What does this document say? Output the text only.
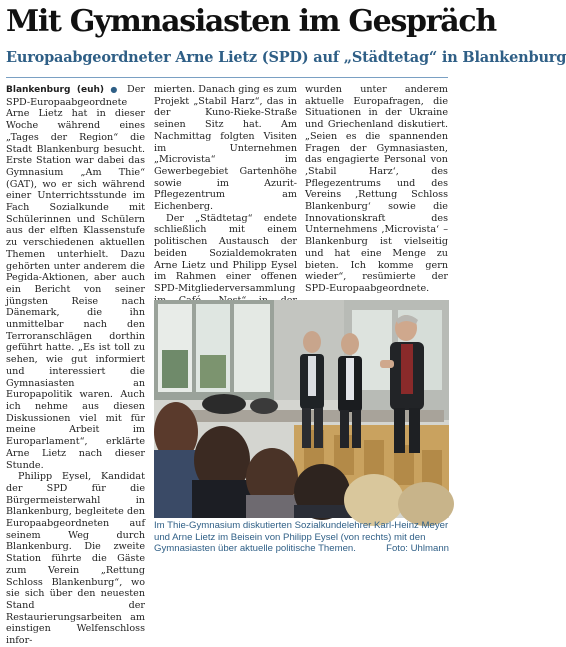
Mit Gymnasiasten im Gespräch
Europaabgeordneter Arne Lietz (SPD) auf „Städtetag“ in Blankenburg

Blankenburg (euh) ● Der SPD-Europaabgeordnete Arne Lietz hat in dieser Woche während eines „Tages der Region“ die Stadt Blankenburg besucht. Erste Station war dabei das Gymnasium „Am Thie“ (GAT), wo er sich während einer Unterrichtsstunde im Fach Sozialkunde mit Schülerinnen und Schülern aus der elften Klassenstufe zu verschiedenen aktuellen Themen unterhielt. Dazu gehörten unter anderem die Pegida-Aktionen, aber auch ein Bericht von seiner jüngsten Reise nach Dänemark, die ihn unmittelbar nach den Terroranschlägen dorthin geführt hatte. „Es ist toll zu sehen, wie gut informiert und interessiert die Gymnasiasten an Europapolitik waren. Auch ich nehme aus diesen Diskussionen viel mit für meine Arbeit im Europarlament“, erklärte Arne Lietz nach dieser Stunde.

Philipp Eysel, Kandidat der SPD für die Bürgermeisterwahl in Blankenburg, begleitete den Europaabgeordneten auf seinem Weg durch Blankenburg. Die zweite Station führte die Gäste zum Verein „Rettung Schloss Blankenburg“, wo sie sich über den neuesten Stand der Restaurierungsarbeiten am einstigen Welfenschloss infor-

mierten. Danach ging es zum Projekt „Stabil Harz“, das in der Kuno-Rieke-Straße seinen Sitz hat. Am Nachmittag folgten Visiten im Unternehmen „Microvista“ im Gewerbegebiet Gartenhöhe sowie im Azurit-Pflegezentrum am Eichenberg.

Der „Städtetag“ endete schließlich mit einem politischen Austausch der beiden Sozialdemokraten Arne Lietz und Philipp Eysel im Rahmen einer offenen SPD-Mitgliederversammlung

wurden unter anderem aktuelle Europafragen, die Situationen in der Ukraine und Griechenland diskutiert. „Seien es die spannenden Fragen der Gymnasiasten, das engagierte Personal von ‚Stabil Harz‘, des Pflegezentrums und des Vereins ‚Rettung Schloss Blankenburg‘ sowie die Innovationskraft des Unternehmens ‚Microvista‘ – Blankenburg ist vielseitig und hat eine Menge zu bieten. Ich komme gern wieder“, resümierte der SPD-Europaabgeordnete.

Im Thie-Gymnasium diskutierten Sozialkundelehrer Karl-Heinz Meyer und Arne Lietz im Beisein von Philipp Eysel (von rechts) mit den Gymnasiasten über aktuelle politische Themen.	Foto: Uhlmann
